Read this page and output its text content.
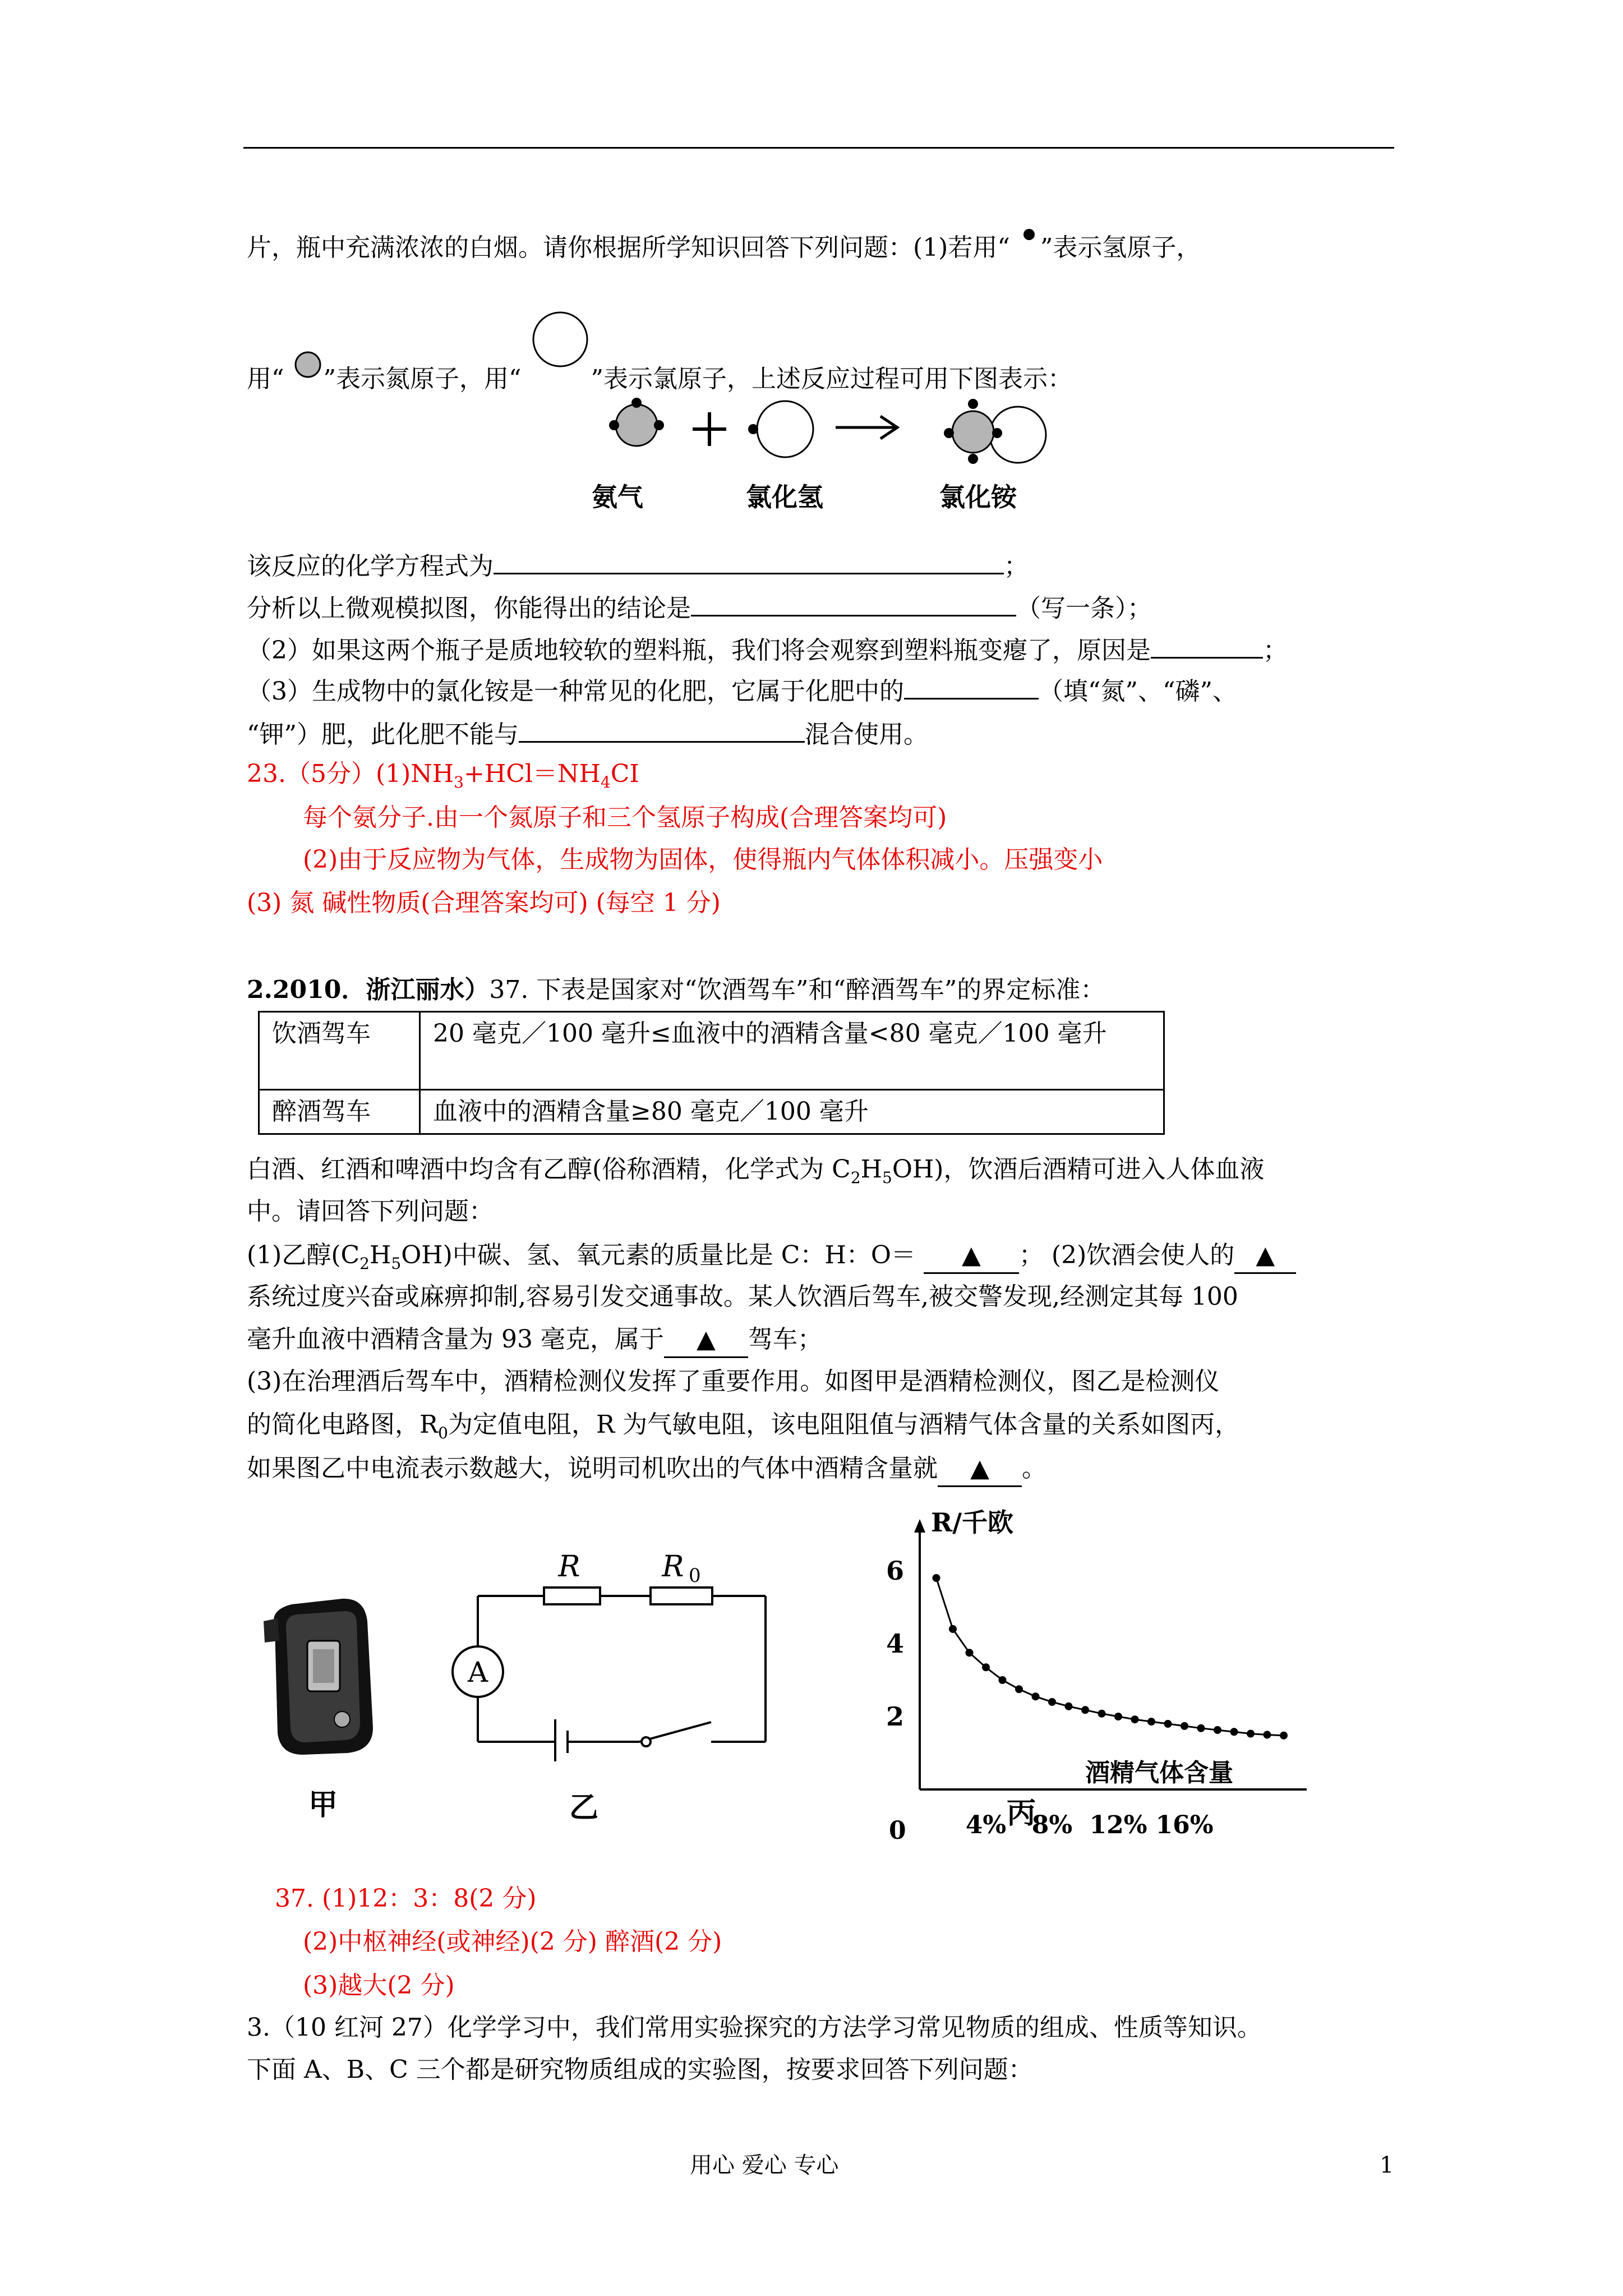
片，瓶中充满浓浓的白烟。请你根据所学知识回答下列问题：(1)若用“ ”表示氢原子，
用“ ”表示氮原子，用“	”表示氯原子，上述反应过程可用下图表示：
氨气	氯化氢	氯化铵
该反应的化学方程式为	；
分析以上微观模拟图，你能得出的结论是	（写一条）；
（2）如果这两个瓶子是质地较软的塑料瓶，我们将会观察到塑料瓶变瘪了，原因是	；
（3）生成物中的氯化铵是一种常见的化肥，它属于化肥中的	（填“氮”、“磷”、
“钾”）肥，此化肥不能与	混合使用。
23.（5分）$(1)NH_3+HCl=NH_4CI$
每个氨分子.由一个氮原子和三个氢原子构成(合理答案均可)
(2)由于反应物为气体，生成物为固体，使得瓶内气体体积减小。压强变小
(3) 氮 碱性物质(合理答案均可) (每空 1 分)
2.2010．浙江丽水）37. 下表是国家对“饮酒驾车”和“醉酒驾车”的界定标准：
饮酒驾车	20 毫克／100 毫升≤血液中的酒精含量<80 毫克／100 毫升
醉酒驾车	血液中的酒精含量≥80 毫克／100 毫升
白酒、红酒和啤酒中均含有乙醇(俗称酒精，化学式为 $C_2H_5OH$)，饮酒后酒精可进入人体血液
中。请回答下列问题：
(1)乙醇$(C_2H_5OH)$中碳、氢、氧元素的质量比是 C：H：O＝ ▲ ； (2)饮酒会使人的 ▲
系统过度兴奋或麻痹抑制,容易引发交通事故。某人饮酒后驾车,被交警发现,经测定其每 100
毫升血液中酒精含量为 93 毫克，属于 ▲ 驾车；
(3)在治理酒后驾车中，酒精检测仪发挥了重要作用。如图甲是酒精检测仪，图乙是检测仪
的简化电路图，$R_0$为定值电阻，R 为气敏电阻，该电阻阻值与酒精气体含量的关系如图丙，
如果图乙中电流表示数越大，说明司机吹出的气体中酒精含量就 ▲ 。
甲
A
R	R 0
乙
R/千欧
酒精气体含量
0
2
4
6
4% 8% 12% 16%
丙
37. (1)12：3：8(2 分)
(2)中枢神经(或神经)(2 分) 醉酒(2 分)
(3)越大(2 分)
3.（10 红河 27）化学学习中，我们常用实验探究的方法学习常见物质的组成、性质等知识。
下面 A、B、C 三个都是研究物质组成的实验图，按要求回答下列问题：
用心 爱心 专心	1
